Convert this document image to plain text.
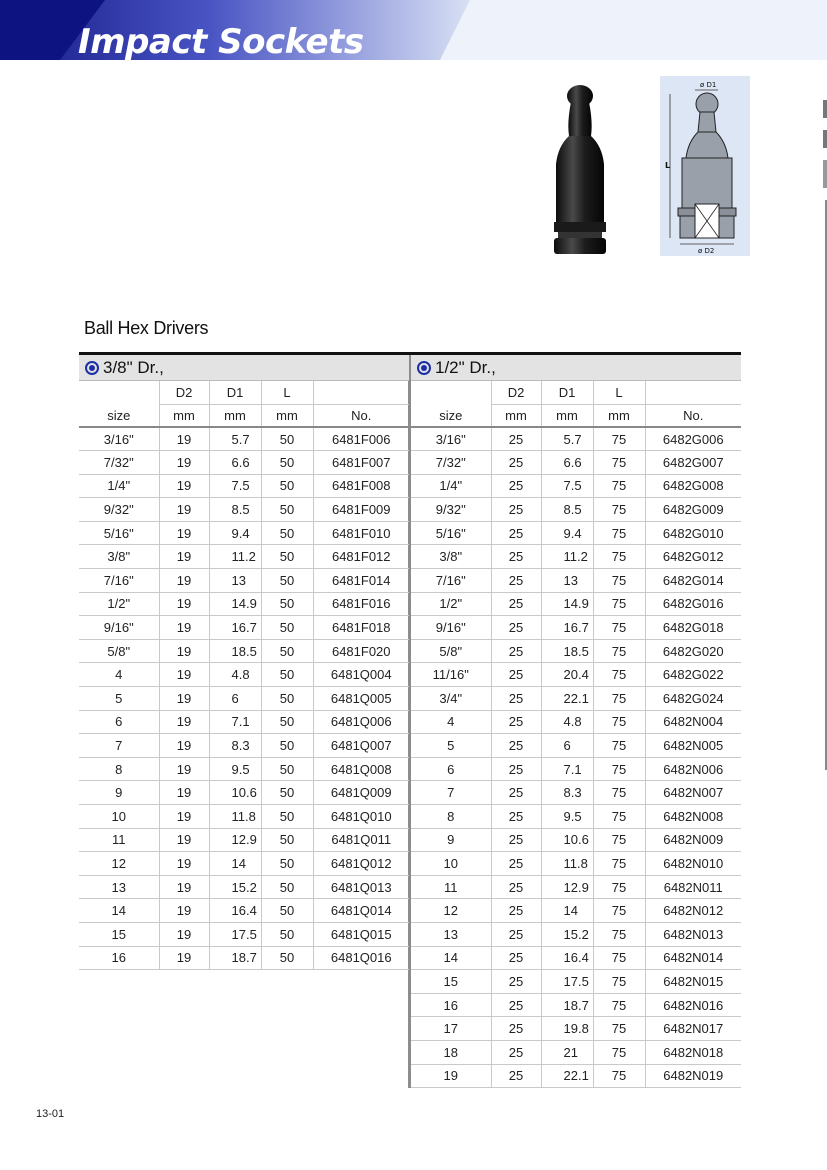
Impact Sockets
ø D1
L
ø D2
Ball Hex Drivers
3/8" Dr.,
	D2	D1	L	
size	mm	mm	mm	No.
3/16"	19	5.7	50	6481F006
7/32"	19	6.6	50	6481F007
1/4"	19	7.5	50	6481F008
9/32"	19	8.5	50	6481F009
5/16"	19	9.4	50	6481F010
3/8"	19	11.2	50	6481F012
7/16"	19	13	50	6481F014
1/2"	19	14.9	50	6481F016
9/16"	19	16.7	50	6481F018
5/8"	19	18.5	50	6481F020
4	19	4.8	50	6481Q004
5	19	6	50	6481Q005
6	19	7.1	50	6481Q006
7	19	8.3	50	6481Q007
8	19	9.5	50	6481Q008
9	19	10.6	50	6481Q009
10	19	11.8	50	6481Q010
11	19	12.9	50	6481Q011
12	19	14	50	6481Q012
13	19	15.2	50	6481Q013
14	19	16.4	50	6481Q014
15	19	17.5	50	6481Q015
16	19	18.7	50	6481Q016
1/2" Dr.,
	D2	D1	L	
size	mm	mm	mm	No.
3/16"	25	5.7	75	6482G006
7/32"	25	6.6	75	6482G007
1/4"	25	7.5	75	6482G008
9/32"	25	8.5	75	6482G009
5/16"	25	9.4	75	6482G010
3/8"	25	11.2	75	6482G012
7/16"	25	13	75	6482G014
1/2"	25	14.9	75	6482G016
9/16"	25	16.7	75	6482G018
5/8"	25	18.5	75	6482G020
11/16"	25	20.4	75	6482G022
3/4"	25	22.1	75	6482G024
4	25	4.8	75	6482N004
5	25	6	75	6482N005
6	25	7.1	75	6482N006
7	25	8.3	75	6482N007
8	25	9.5	75	6482N008
9	25	10.6	75	6482N009
10	25	11.8	75	6482N010
11	25	12.9	75	6482N011
12	25	14	75	6482N012
13	25	15.2	75	6482N013
14	25	16.4	75	6482N014
15	25	17.5	75	6482N015
16	25	18.7	75	6482N016
17	25	19.8	75	6482N017
18	25	21	75	6482N018
19	25	22.1	75	6482N019
13-01
